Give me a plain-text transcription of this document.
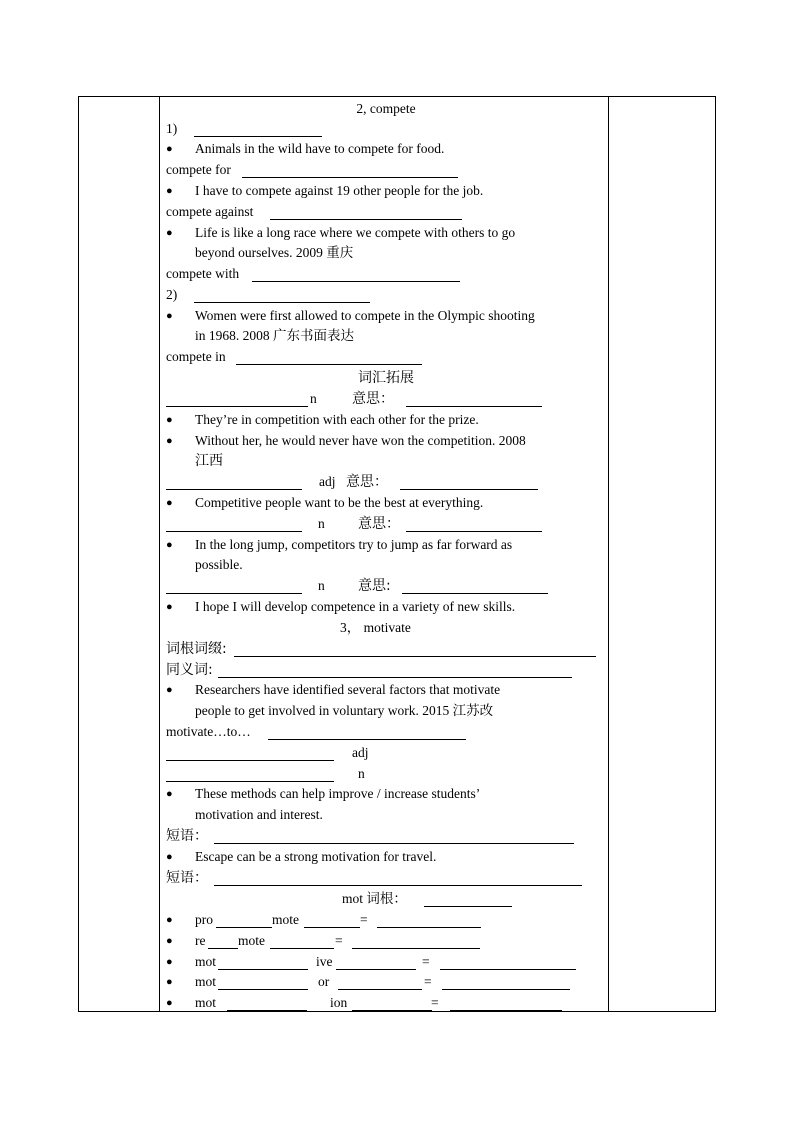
2, compete
1)
● Animals in the wild have to compete for food.
compete for
● I have to compete against 19 other people for the job.
compete against
● Life is like a long race where we compete with others to go
beyond ourselves. 2009 重庆
compete with
2)
● Women were first allowed to compete in the Olympic shooting
in 1968. 2008 广东书面表达
compete in
词汇拓展
n	意思：
● They’re in competition with each other for the prize.
● Without her, he would never have won the competition. 2008
江西
adj 意思：
● Competitive people want to be the best at everything.
n 意思：
● In the long jump, competitors try to jump as far forward as
possible.
n 意思:
● I hope I will develop competence in a variety of new skills.
3， motivate
词根词缀:
同义词:
● Researchers have identified several factors that motivate
people to get involved in voluntary work. 2015 江苏改
motivate…to…
adj
n
● These methods can help improve / increase students’
motivation and interest.
短语：
● Escape can be a strong motivation for travel.
短语：
mot 词根：
● pro	mote	=
● re mote	=
● mot	ive	=
● mot	or	=
● mot	ion	=
